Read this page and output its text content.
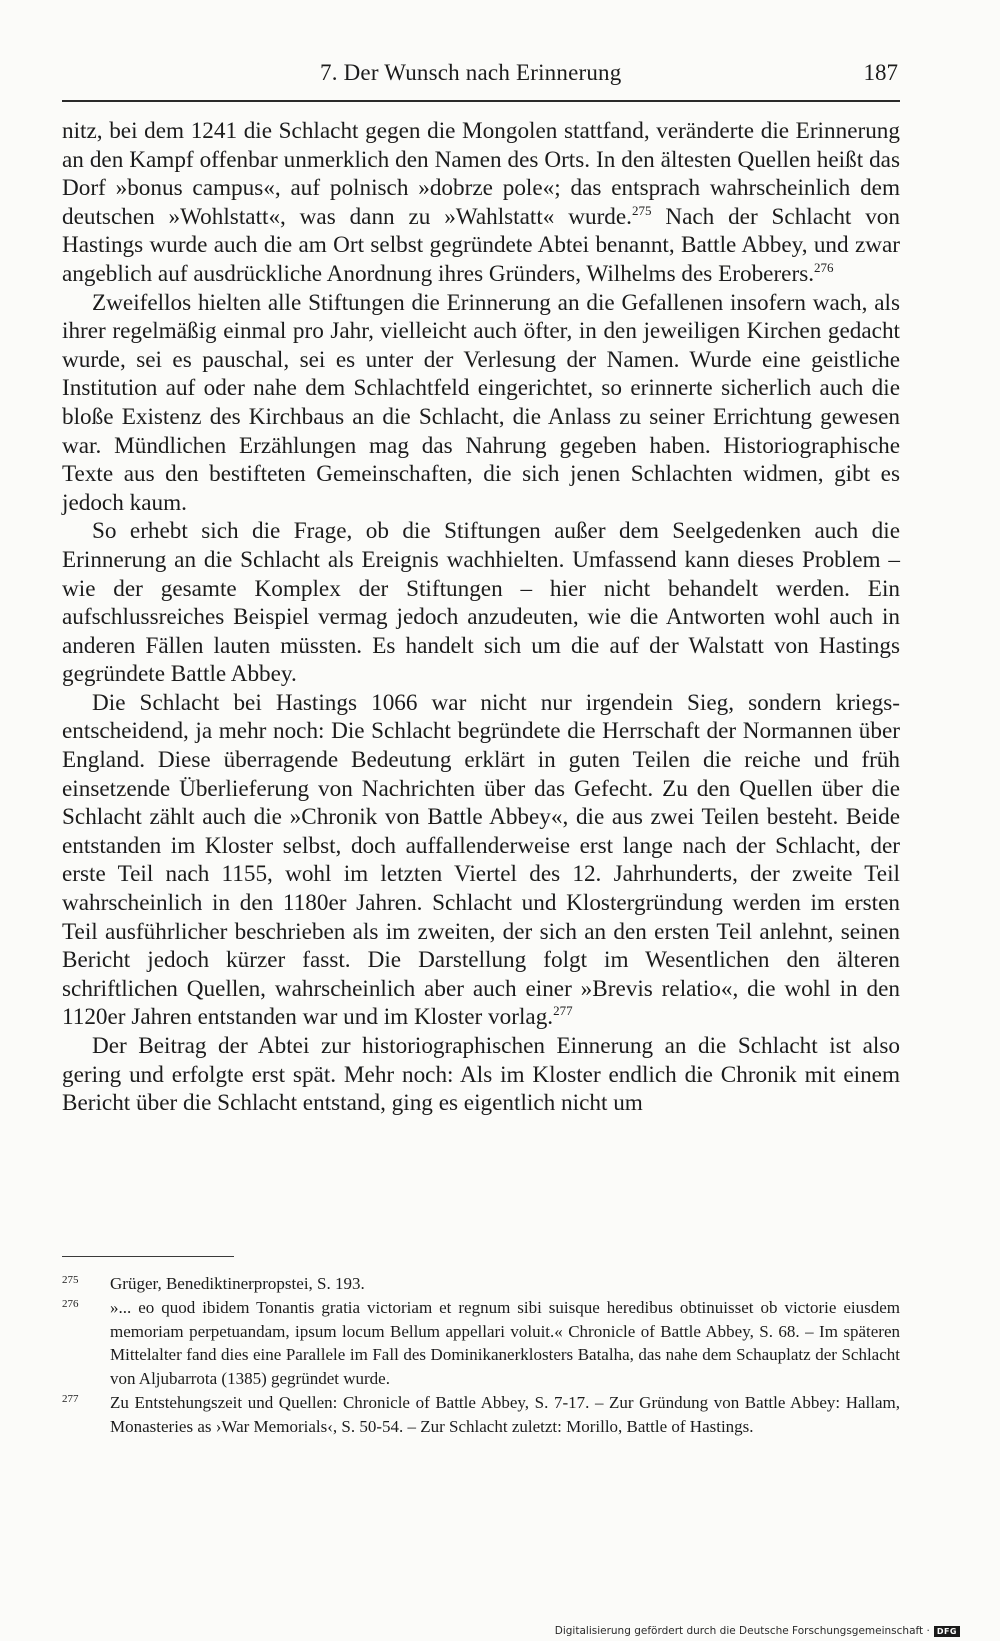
7. Der Wunsch nach Erinnerung	187

nitz, bei dem 1241 die Schlacht gegen die Mongolen stattfand, veränderte die Erinnerung an den Kampf offenbar unmerklich den Namen des Orts. In den ältesten Quellen heißt das Dorf »bonus campus«, auf polnisch »dobrze pole«; das entsprach wahrscheinlich dem deutschen »Wohlstatt«, was dann zu »Wahlstatt« wurde.$^{275}$ Nach der Schlacht von Hastings wurde auch die am Ort selbst gegründete Abtei benannt, Battle Abbey, und zwar angeblich auf ausdrückliche Anordnung ihres Gründers, Wilhelms des Eroberers.$^{276}$

Zweifellos hielten alle Stiftungen die Erinnerung an die Gefallenen insofern wach, als ihrer regelmäßig einmal pro Jahr, vielleicht auch öfter, in den jeweiligen Kirchen gedacht wurde, sei es pauschal, sei es unter der Verlesung der Namen. Wurde eine geistliche Institution auf oder nahe dem Schlachtfeld eingerichtet, so erinnerte sicherlich auch die bloße Existenz des Kirchbaus an die Schlacht, die Anlass zu seiner Errichtung gewesen war. Mündlichen Erzählungen mag das Nahrung gegeben haben. Historiographische Texte aus den bestifteten Gemeinschaften, die sich jenen Schlachten widmen, gibt es jedoch kaum.

So erhebt sich die Frage, ob die Stiftungen außer dem Seelgedenken auch die Erinnerung an die Schlacht als Ereignis wachhielten. Umfassend kann dieses Problem – wie der gesamte Komplex der Stiftungen – hier nicht behandelt werden. Ein aufschlussreiches Beispiel vermag jedoch anzudeuten, wie die Antworten wohl auch in anderen Fällen lauten müssten. Es handelt sich um die auf der Walstatt von Hastings gegründete Battle Abbey.

Die Schlacht bei Hastings 1066 war nicht nur irgendein Sieg, sondern kriegsentscheidend, ja mehr noch: Die Schlacht begründete die Herrschaft der Normannen über England. Diese überragende Bedeutung erklärt in guten Teilen die reiche und früh einsetzende Überlieferung von Nachrichten über das Gefecht. Zu den Quellen über die Schlacht zählt auch die »Chronik von Battle Abbey«, die aus zwei Teilen besteht. Beide entstanden im Kloster selbst, doch auffallenderweise erst lange nach der Schlacht, der erste Teil nach 1155, wohl im letzten Viertel des 12. Jahrhunderts, der zweite Teil wahrscheinlich in den 1180er Jahren. Schlacht und Klostergründung werden im ersten Teil ausführlicher beschrieben als im zweiten, der sich an den ersten Teil anlehnt, seinen Bericht jedoch kürzer fasst. Die Darstellung folgt im Wesentlichen den älteren schriftlichen Quellen, wahrscheinlich aber auch einer »Brevis relatio«, die wohl in den 1120er Jahren entstanden war und im Kloster vorlag.$^{277}$

Der Beitrag der Abtei zur historiographischen Einnerung an die Schlacht ist also gering und erfolgte erst spät. Mehr noch: Als im Kloster endlich die Chronik mit einem Bericht über die Schlacht entstand, ging es eigentlich nicht um

275 Grüger, Benediktinerpropstei, S. 193.
276 »... eo quod ibidem Tonantis gratia victoriam et regnum sibi suisque heredibus obtinuisset ob victorie eiusdem memoriam perpetuandam, ipsum locum Bellum appellari voluit.« Chronicle of Battle Abbey, S. 68. – Im späteren Mittelalter fand dies eine Parallele im Fall des Dominikanerklosters Batalha, das nahe dem Schauplatz der Schlacht von Aljubarrota (1385) gegründet wurde.
277 Zu Entstehungszeit und Quellen: Chronicle of Battle Abbey, S. 7-17. – Zur Gründung von Battle Abbey: Hallam, Monasteries as ›War Memorials‹, S. 50-54. – Zur Schlacht zuletzt: Morillo, Battle of Hastings.
Digitalisierung gefördert durch die Deutsche Forschungsgemeinschaft · DFG
